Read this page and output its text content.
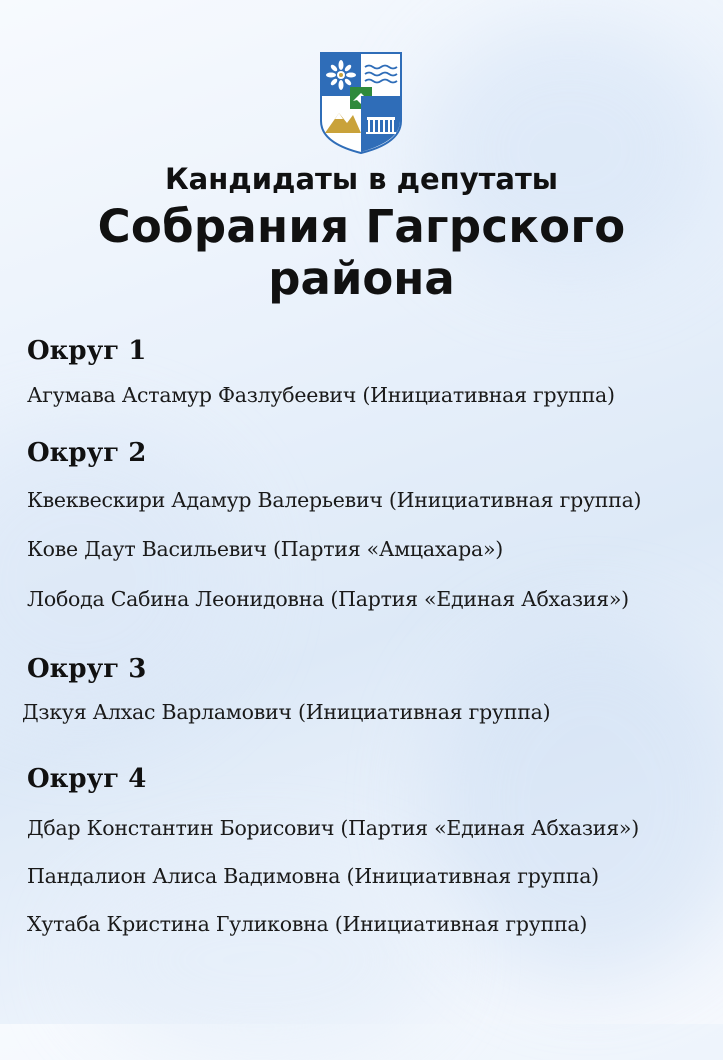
Кандидаты в депутаты
Собрания Гагрского
района
Округ 1
Агумава Астамур Фазлубеевич (Инициативная группа)
Округ 2
Квеквескири Адамур Валерьевич (Инициативная группа)
Кове Даут Васильевич (Партия «Амцахара»)
Лобода Сабина Леонидовна (Партия «Единая Абхазия»)
Округ 3
Дзкуя Алхас Варламович (Инициативная группа)
Округ 4
Дбар Константин Борисович (Партия «Единая Абхазия»)
Пандалион Алиса Вадимовна (Инициативная группа)
Хутаба Кристина Гуликовна (Инициативная группа)
